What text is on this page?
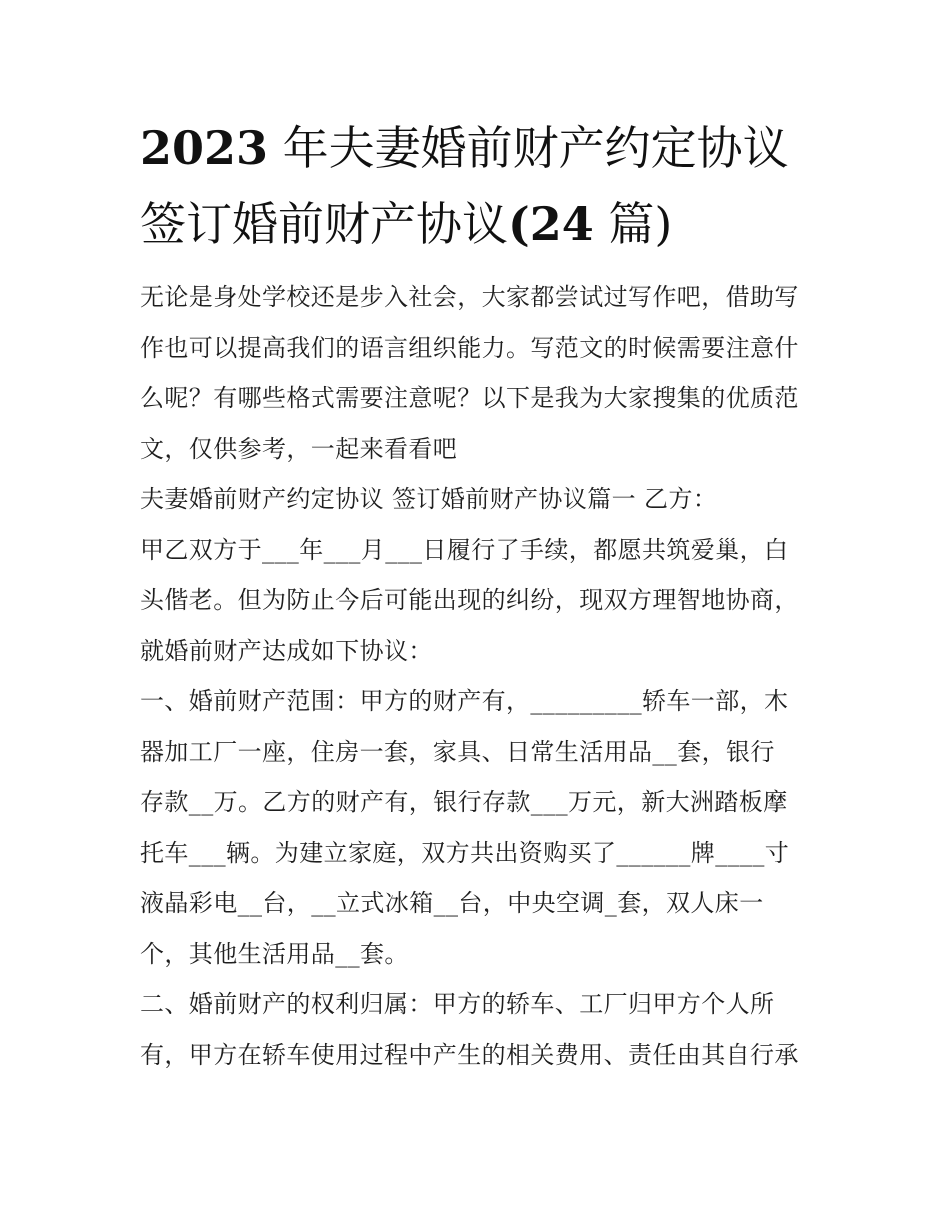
2023 年夫妻婚前财产约定协议
签订婚前财产协议(24 篇)
无论是身处学校还是步入社会，大家都尝试过写作吧，借助写
作也可以提高我们的语言组织能力。写范文的时候需要注意什
么呢？有哪些格式需要注意呢？以下是我为大家搜集的优质范
文，仅供参考，一起来看看吧
夫妻婚前财产约定协议 签订婚前财产协议篇一 乙方：
甲乙双方于___年___月___日履行了手续，都愿共筑爱巢，白
头偕老。但为防止今后可能出现的纠纷，现双方理智地协商，
就婚前财产达成如下协议：
一、婚前财产范围：甲方的财产有，_________轿车一部，木
器加工厂一座，住房一套，家具、日常生活用品__套，银行
存款__万。乙方的财产有，银行存款___万元，新大洲踏板摩
托车___辆。为建立家庭，双方共出资购买了______牌____寸
液晶彩电__台，__立式冰箱__台，中央空调_套，双人床一
个，其他生活用品__套。
二、婚前财产的权利归属：甲方的轿车、工厂归甲方个人所
有，甲方在轿车使用过程中产生的相关费用、责任由其自行承
